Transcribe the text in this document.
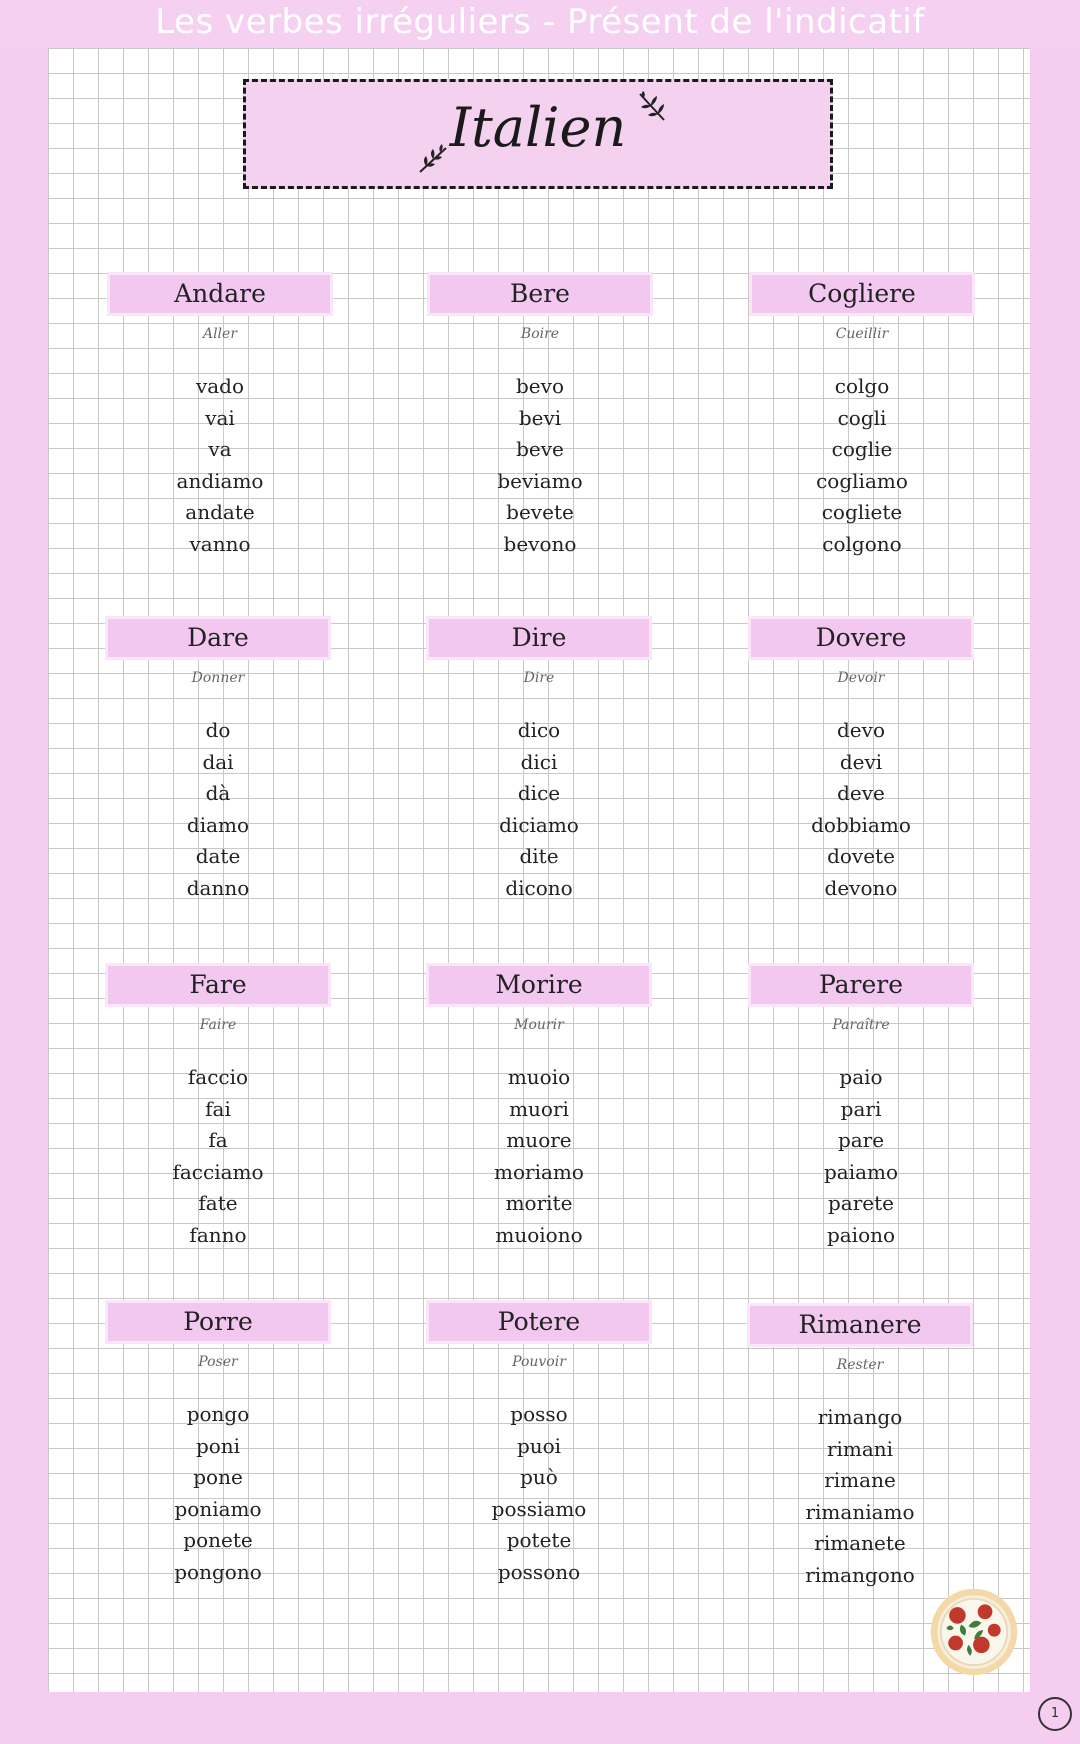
Les verbes irréguliers - Présent de l'indicatif
Italien
Andare
Aller
vado
vai
va
andiamo
andate
vanno
Bere
Boire
bevo
bevi
beve
beviamo
bevete
bevono
Cogliere
Cueillir
colgo
cogli
coglie
cogliamo
cogliete
colgono
Dare
Donner
do
dai
dà
diamo
date
danno
Dire
Dire
dico
dici
dice
diciamo
dite
dicono
Dovere
Devoir
devo
devi
deve
dobbiamo
dovete
devono
Fare
Faire
faccio
fai
fa
facciamo
fate
fanno
Morire
Mourir
muoio
muori
muore
moriamo
morite
muoiono
Parere
Paraître
paio
pari
pare
paiamo
parete
paiono
Porre
Poser
pongo
poni
pone
poniamo
ponete
pongono
Potere
Pouvoir
posso
puoi
può
possiamo
potete
possono
Rimanere
Rester
rimango
rimani
rimane
rimaniamo
rimanete
rimangono
1
